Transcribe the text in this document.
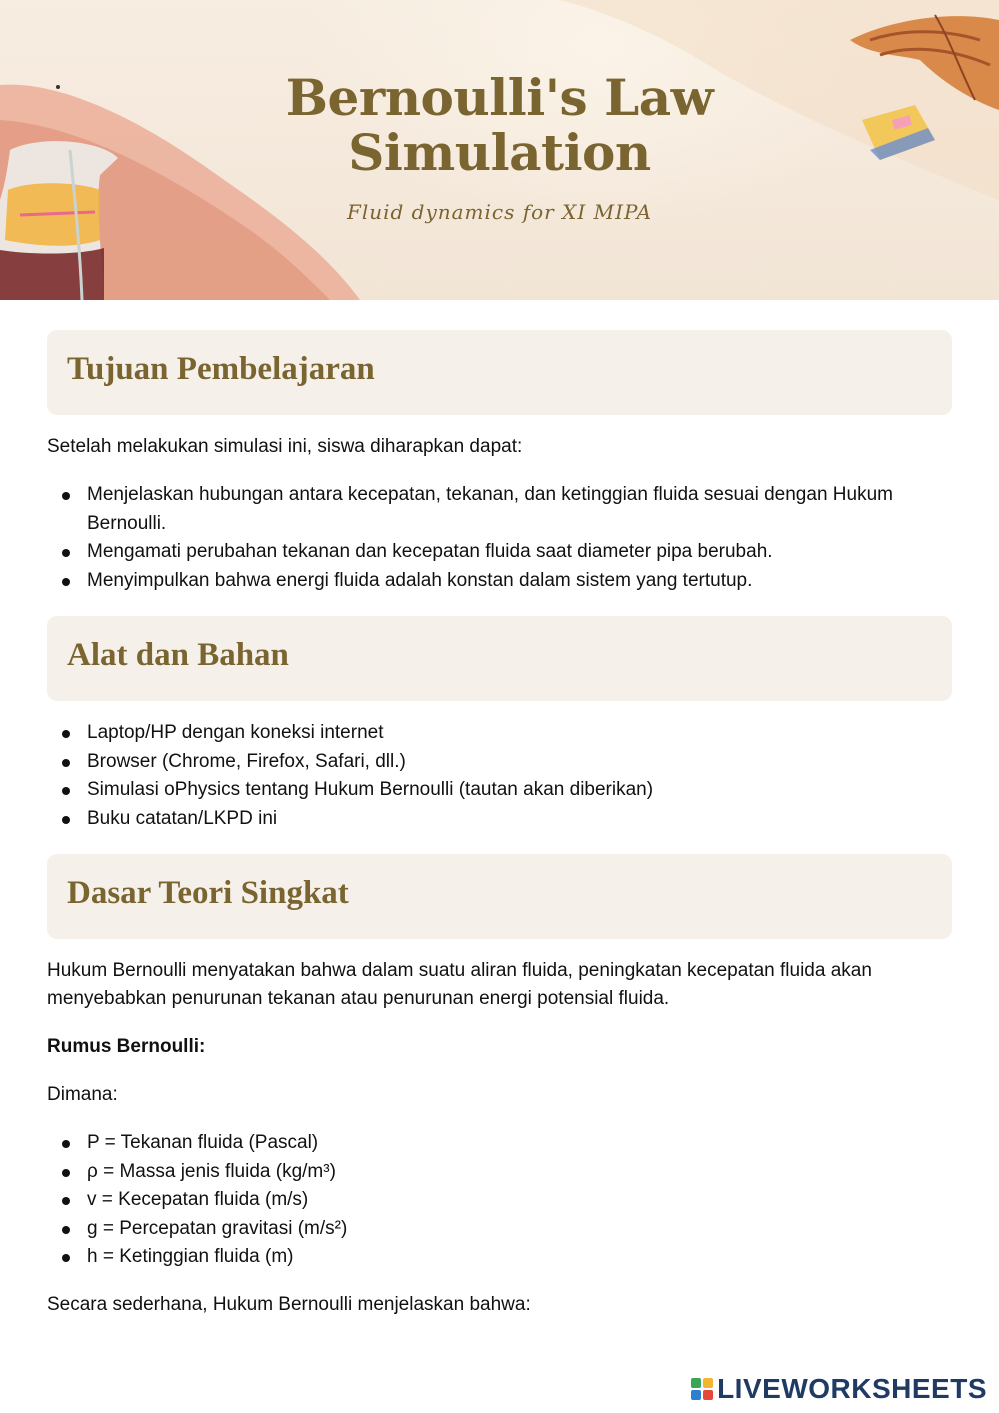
Bernoulli's Law
Simulation
Fluid dynamics for XI MIPA
Tujuan Pembelajaran

Setelah melakukan simulasi ini, siswa diharapkan dapat:

Menjelaskan hubungan antara kecepatan, tekanan, dan ketinggian fluida sesuai dengan Hukum Bernoulli.
Mengamati perubahan tekanan dan kecepatan fluida saat diameter pipa berubah.
Menyimpulkan bahwa energi fluida adalah konstan dalam sistem yang tertutup.
Alat dan Bahan
Laptop/HP dengan koneksi internet
Browser (Chrome, Firefox, Safari, dll.)
Simulasi oPhysics tentang Hukum Bernoulli (tautan akan diberikan)
Buku catatan/LKPD ini
Dasar Teori Singkat

Hukum Bernoulli menyatakan bahwa dalam suatu aliran fluida, peningkatan kecepatan fluida akan menyebabkan penurunan tekanan atau penurunan energi potensial fluida.

Rumus Bernoulli:

Dimana:

P = Tekanan fluida (Pascal)
ρ = Massa jenis fluida (kg/m³)
v = Kecepatan fluida (m/s)
g = Percepatan gravitasi (m/s²)
h = Ketinggian fluida (m)

Secara sederhana, Hukum Bernoulli menjelaskan bahwa:

LIVEWORKSHEETS
